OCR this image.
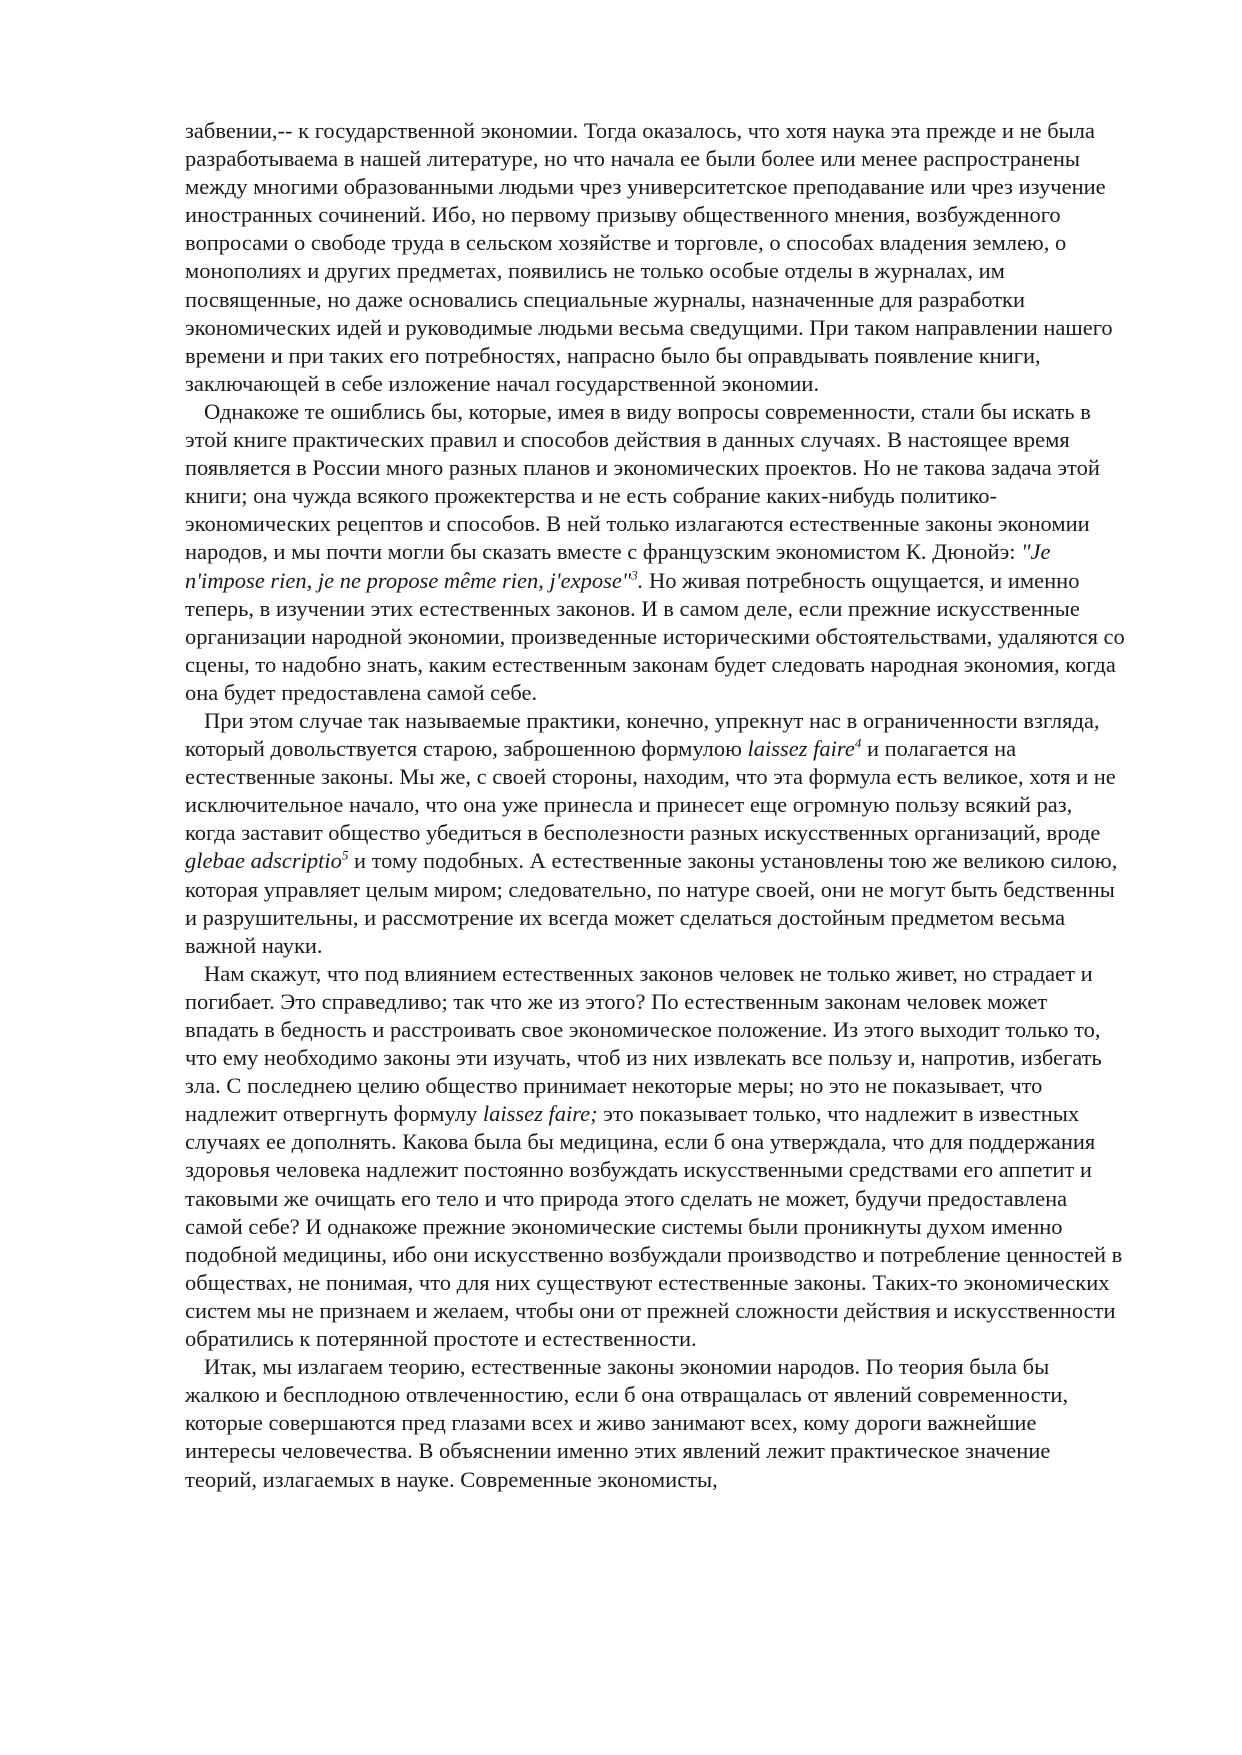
забвении,-- к государственной экономии. Тогда оказалось, что хотя наука эта прежде и не была разработываема в нашей литературе, но что начала ее были более или менее распространены между многими образованными людьми чрез университетское преподавание или чрез изучение иностранных сочинений. Ибо, но первому призыву общественного мнения, возбужденного вопросами о свободе труда в сельском хозяйстве и торговле, о способах владения землею, о монополиях и других предметах, появились не только особые отделы в журналах, им посвященные, но даже основались специальные журналы, назначенные для разработки экономических идей и руководимые людьми весьма сведущими. При таком направлении нашего времени и при таких его потребностях, напрасно было бы оправдывать появление книги, заключающей в себе изложение начал государственной экономии.

Однакоже те ошиблись бы, которые, имея в виду вопросы современности, стали бы искать в этой книге практических правил и способов действия в данных случаях. В настоящее время появляется в России много разных планов и экономических проектов. Но не такова задача этой книги; она чужда всякого прожектерства и не есть собрание каких-нибудь политико-экономических рецептов и способов. В ней только излагаются естественные законы экономии народов, и мы почти могли бы сказать вместе с французским экономистом К. Дюнойэ: "Je n'impose rien, je ne propose même rien, j'expose"$^3$. Но живая потребность ощущается, и именно теперь, в изучении этих естественных законов. И в самом деле, если прежние искусственные организации народной экономии, произведенные историческими обстоятельствами, удаляются со сцены, то надобно знать, каким естественным законам будет следовать народная экономия, когда она будет предоставлена самой себе.

При этом случае так называемые практики, конечно, упрекнут нас в ограниченности взгляда, который довольствуется старою, заброшенною формулою laissez faire$^4$ и полагается на естественные законы. Мы же, с своей стороны, находим, что эта формула есть великое, хотя и не исключительное начало, что она уже принесла и принесет еще огромную пользу всякий раз, когда заставит общество убедиться в бесполезности разных искусственных организаций, вроде glebae adscriptio$^5$ и тому подобных. А естественные законы установлены тою же великою силою, которая управляет целым миром; следовательно, по натуре своей, они не могут быть бедственны и разрушительны, и рассмотрение их всегда может сделаться достойным предметом весьма важной науки.

Нам скажут, что под влиянием естественных законов человек не только живет, но страдает и погибает. Это справедливо; так что же из этого? По естественным законам человек может впадать в бедность и расстроивать свое экономическое положение. Из этого выходит только то, что ему необходимо законы эти изучать, чтоб из них извлекать все пользу и, напротив, избегать зла. С последнею целию общество принимает некоторые меры; но это не показывает, что надлежит отвергнуть формулу laissez faire; это показывает только, что надлежит в известных случаях ее дополнять. Какова была бы медицина, если б она утверждала, что для поддержания здоровья человека надлежит постоянно возбуждать искусственными средствами его аппетит и таковыми же очищать его тело и что природа этого сделать не может, будучи предоставлена самой себе? И однакоже прежние экономические системы были проникнуты духом именно подобной медицины, ибо они искусственно возбуждали производство и потребление ценностей в обществах, не понимая, что для них существуют естественные законы. Таких-то экономических систем мы не признаем и желаем, чтобы они от прежней сложности действия и искусственности обратились к потерянной простоте и естественности.

Итак, мы излагаем теорию, естественные законы экономии народов. По теория была бы жалкою и бесплодною отвлеченностию, если б она отвращалась от явлений современности, которые совершаются пред глазами всех и живо занимают всех, кому дороги важнейшие интересы человечества. В объяснении именно этих явлений лежит практическое значение теорий, излагаемых в науке. Современные экономисты,
